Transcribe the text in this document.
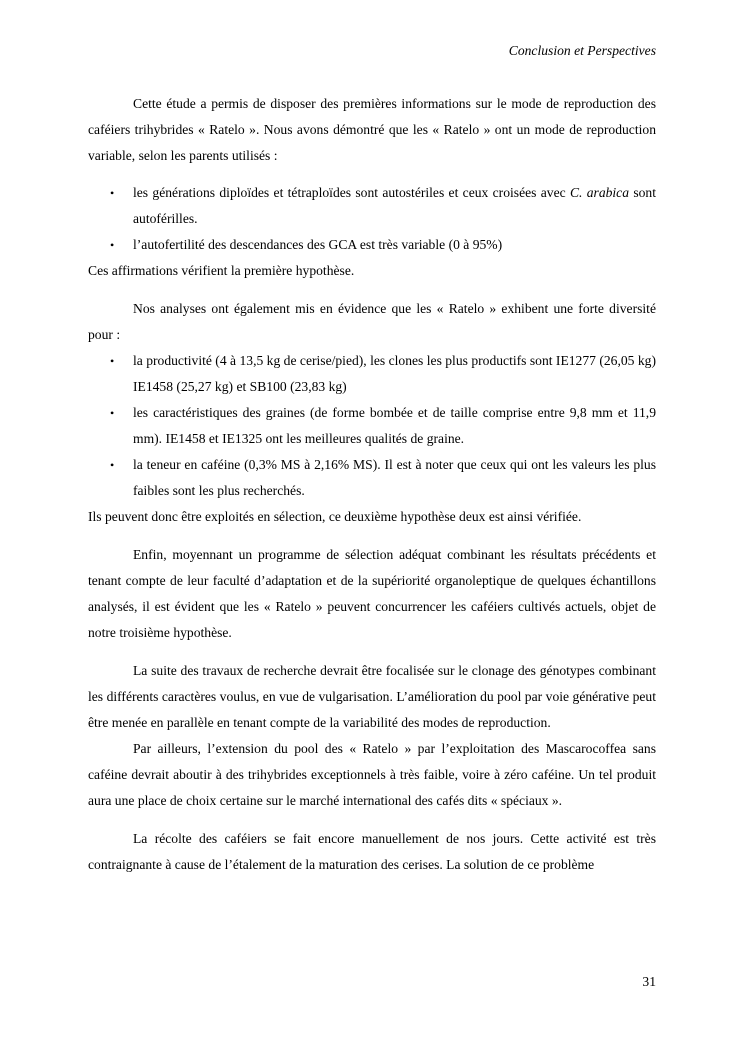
Conclusion et Perspectives

Cette étude a permis de disposer des premières informations sur le mode de reproduction des caféiers trihybrides « Ratelo ». Nous avons démontré que les « Ratelo » ont un mode de reproduction variable, selon les parents utilisés :

• les générations diploïdes et tétraploïdes sont autostériles et ceux croisées avec C. arabica sont autoférilles.
• l’autofertilité des descendances des GCA est très variable (0 à 95%)

Ces affirmations vérifient la première hypothèse.

Nos analyses ont également mis en évidence que les « Ratelo » exhibent une forte diversité pour :

• la productivité (4 à 13,5 kg de cerise/pied), les clones les plus productifs sont IE1277 (26,05 kg) IE1458 (25,27 kg) et SB100 (23,83 kg)
• les caractéristiques des graines (de forme bombée et de taille comprise entre 9,8 mm et 11,9 mm). IE1458 et IE1325 ont les meilleures qualités de graine.
• la teneur en caféine (0,3% MS à 2,16% MS). Il est à noter que ceux qui ont les valeurs les plus faibles sont les plus recherchés.

Ils peuvent donc être exploités en sélection, ce deuxième hypothèse deux est ainsi vérifiée.

Enfin, moyennant un programme de sélection adéquat combinant les résultats précédents et tenant compte de leur faculté d’adaptation et de la supériorité organoleptique de quelques échantillons analysés, il est évident que les « Ratelo » peuvent concurrencer les caféiers cultivés actuels, objet de notre troisième hypothèse.

La suite des travaux de recherche devrait être focalisée sur le clonage des génotypes combinant les différents caractères voulus, en vue de vulgarisation. L’amélioration du pool par voie générative peut être menée en parallèle en tenant compte de la variabilité des modes de reproduction.

Par ailleurs, l’extension du pool des « Ratelo » par l’exploitation des Mascarocoffea sans caféine devrait aboutir à des trihybrides exceptionnels à très faible, voire à zéro caféine. Un tel produit aura une place de choix certaine sur le marché international des cafés dits « spéciaux ».

La récolte des caféiers se fait encore manuellement de nos jours. Cette activité est très contraignante à cause de l’étalement de la maturation des cerises. La solution de ce problème

31
